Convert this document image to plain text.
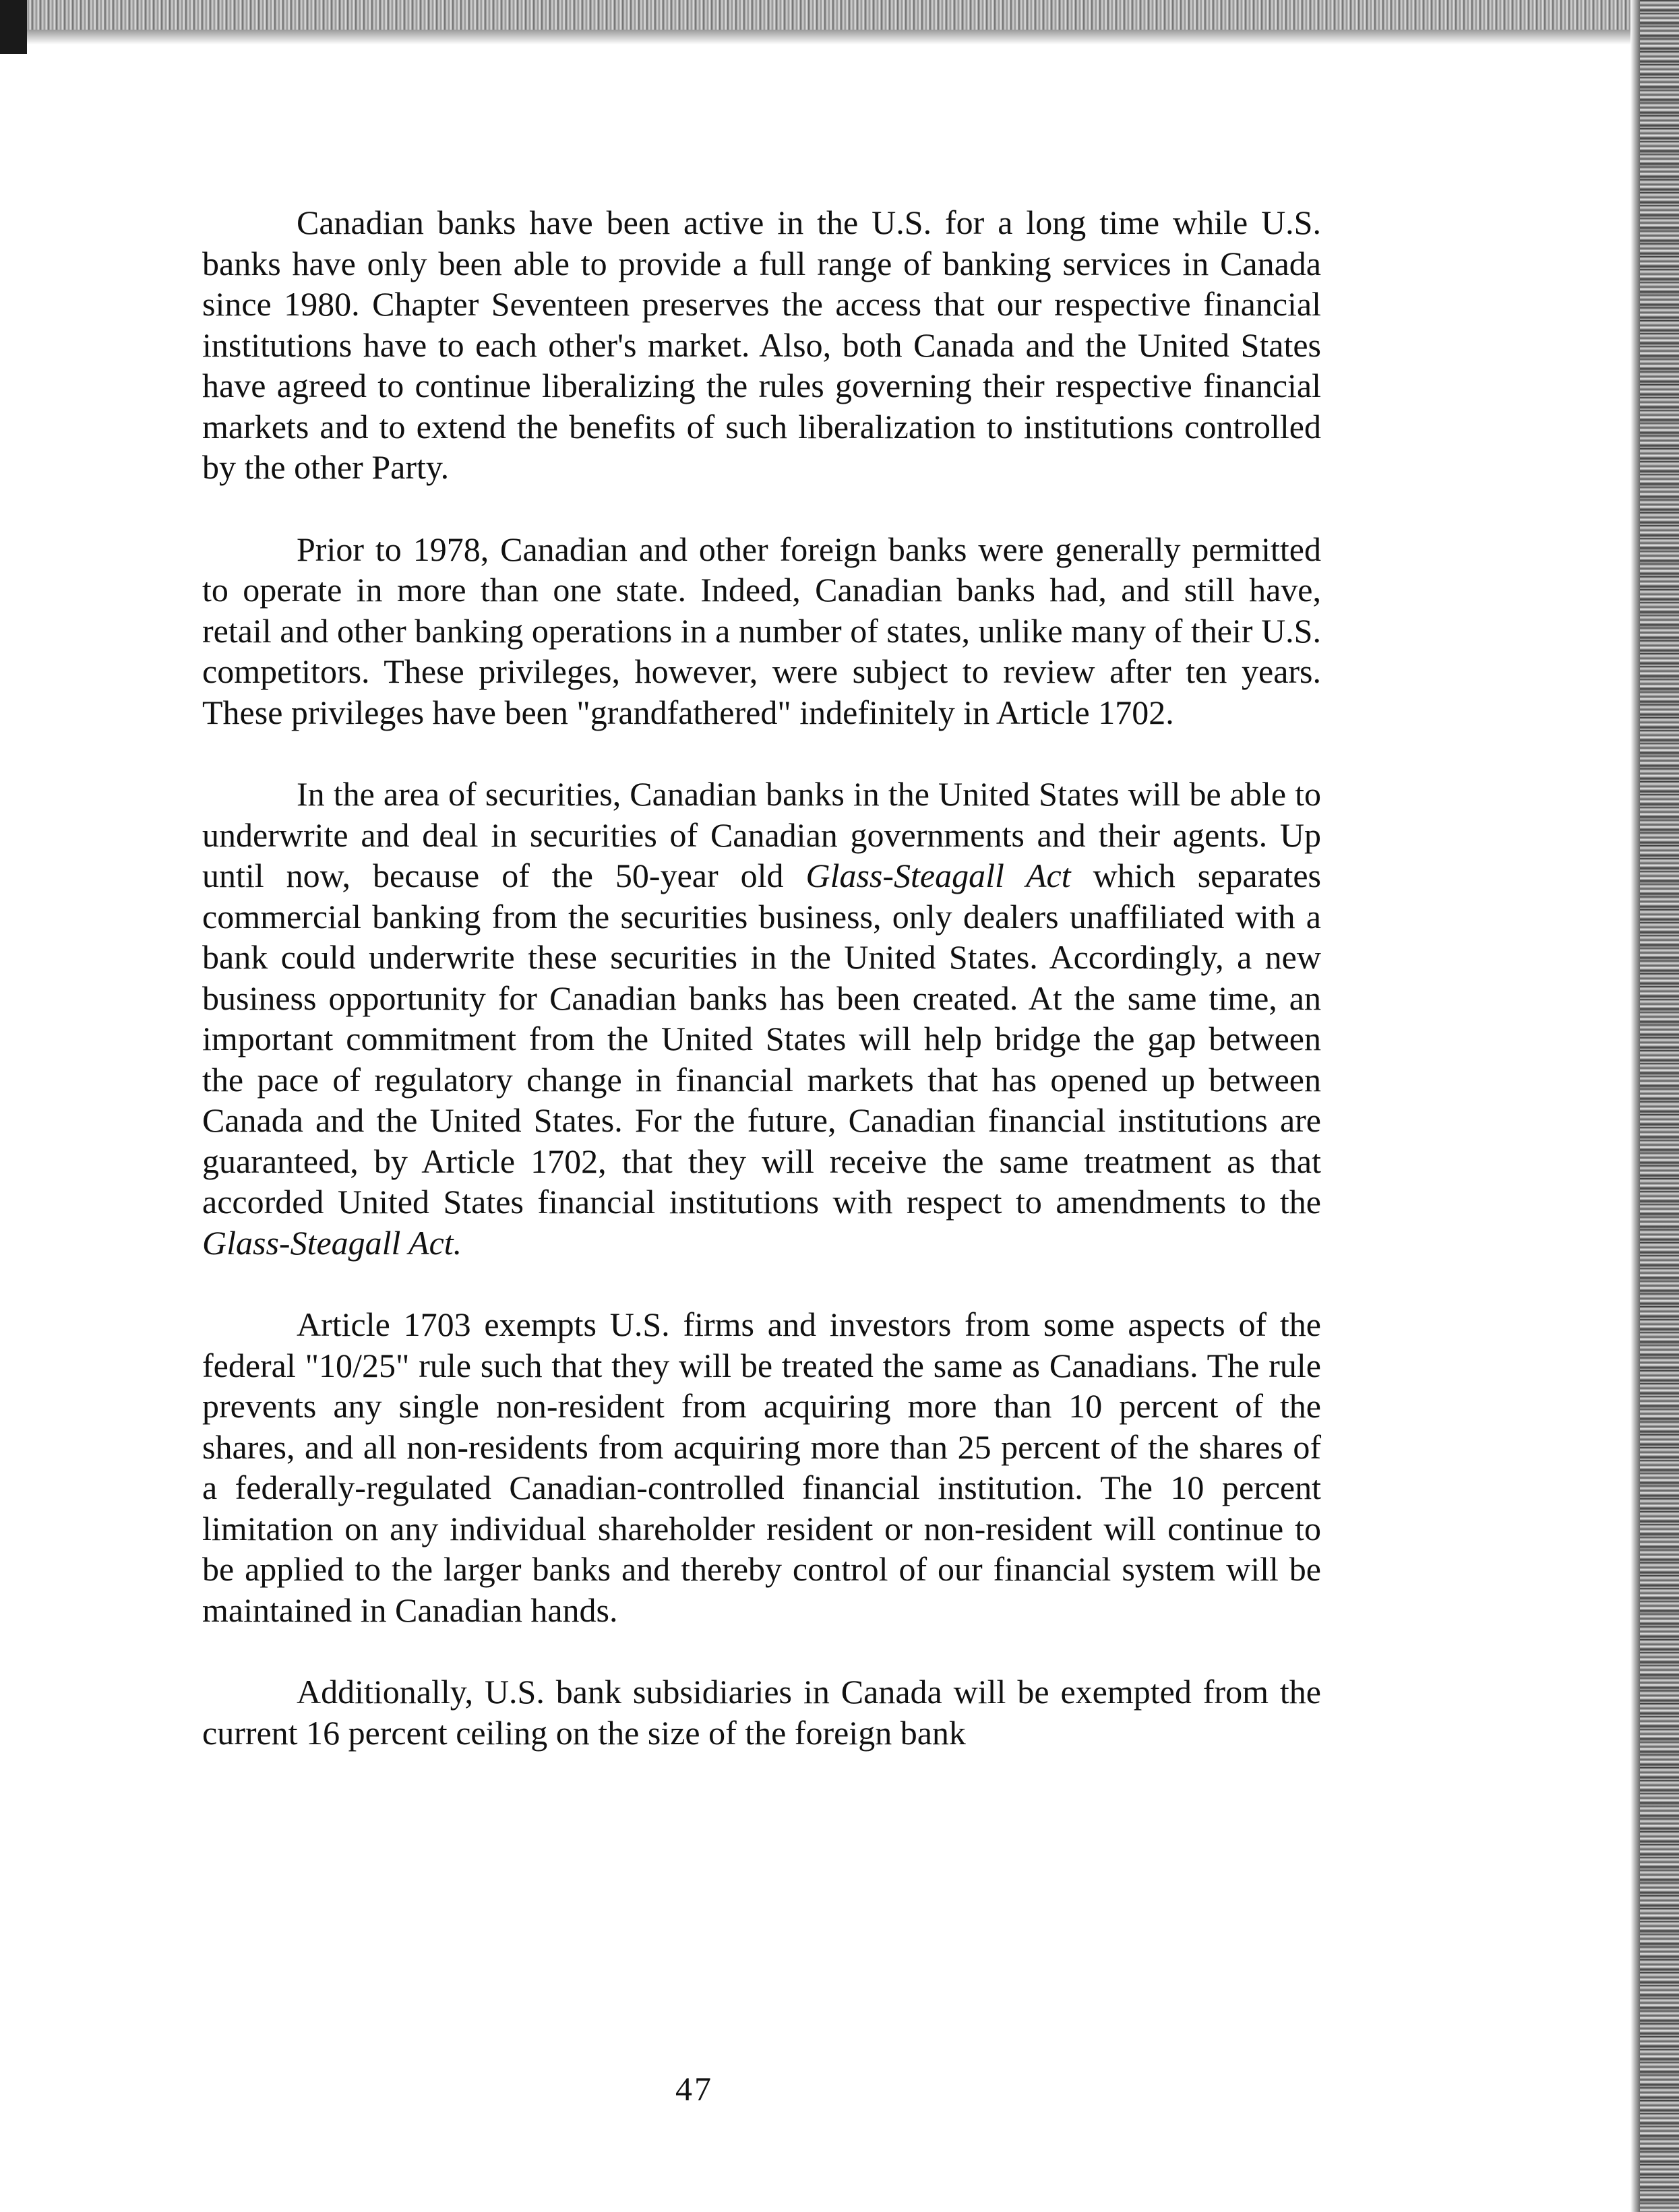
Canadian banks have been active in the U.S. for a long time while U.S. banks have only been able to provide a full range of banking services in Canada since 1980. Chapter Seventeen preserves the access that our respective financial institutions have to each other's market. Also, both Canada and the United States have agreed to continue liberalizing the rules governing their respective financial markets and to extend the benefits of such liberalization to institutions controlled by the other Party.

Prior to 1978, Canadian and other foreign banks were generally permitted to operate in more than one state. Indeed, Canadian banks had, and still have, retail and other banking operations in a number of states, unlike many of their U.S. competitors. These privileges, however, were subject to review after ten years. These privileges have been "grandfathered" indefinitely in Article 1702.

In the area of securities, Canadian banks in the United States will be able to underwrite and deal in securities of Canadian governments and their agents. Up until now, because of the 50-year old Glass-Steagall Act which separates commercial banking from the securities business, only dealers unaffiliated with a bank could underwrite these securities in the United States. Accordingly, a new business opportunity for Canadian banks has been created. At the same time, an important commitment from the United States will help bridge the gap between the pace of regulatory change in financial markets that has opened up between Canada and the United States. For the future, Canadian financial institutions are guaranteed, by Article 1702, that they will receive the same treatment as that accorded United States financial institutions with respect to amendments to the Glass-Steagall Act.

Article 1703 exempts U.S. firms and investors from some aspects of the federal "10/25" rule such that they will be treated the same as Canadians. The rule prevents any single non-resident from acquiring more than 10 percent of the shares, and all non-residents from acquiring more than 25 percent of the shares of a federally-regulated Canadian-controlled financial institution. The 10 percent limitation on any individual shareholder resident or non-resident will continue to be applied to the larger banks and thereby control of our financial system will be maintained in Canadian hands.

Additionally, U.S. bank subsidiaries in Canada will be exempted from the current 16 percent ceiling on the size of the foreign bank

47
